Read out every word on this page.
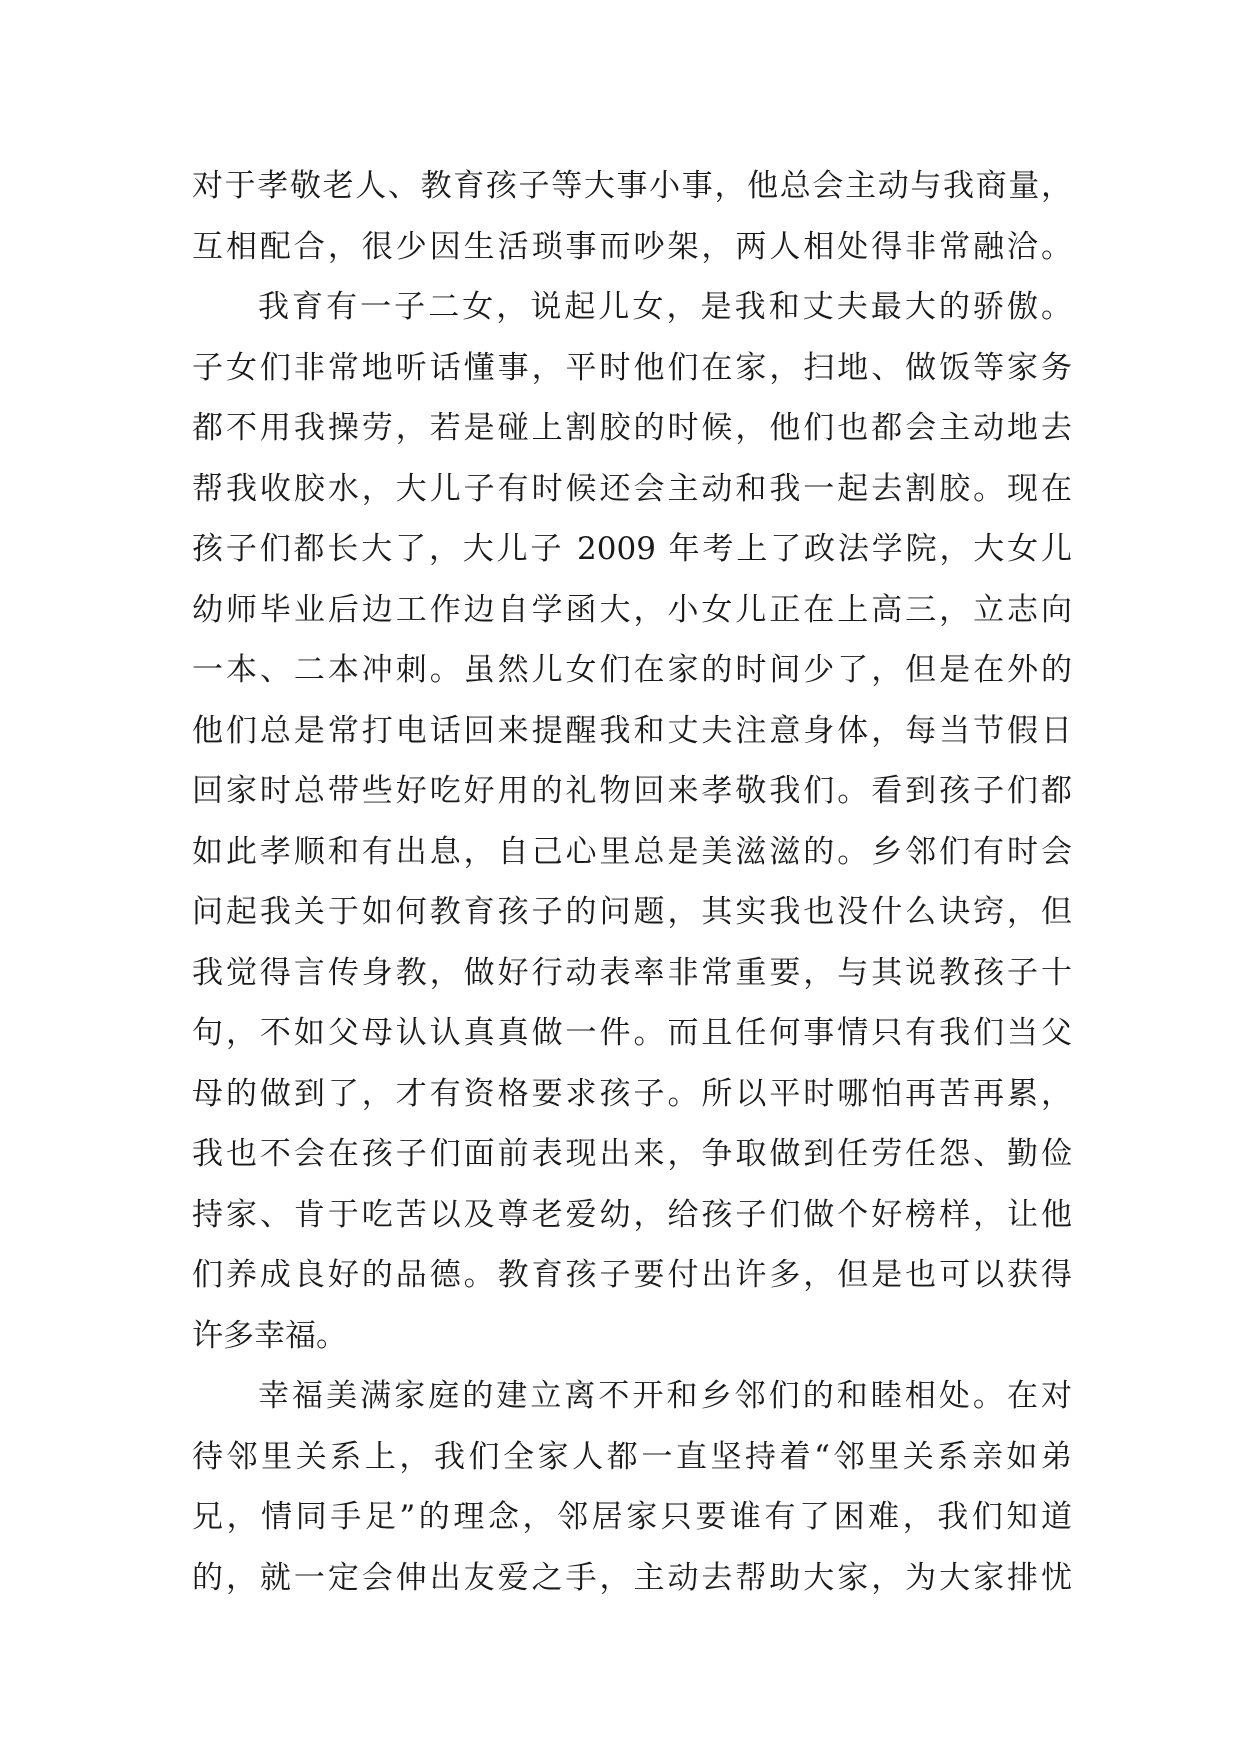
对于孝敬老人、教育孩子等大事小事，他总会主动与我商量，
互相配合，很少因生活琐事而吵架，两人相处得非常融洽。
我育有一子二女，说起儿女，是我和丈夫最大的骄傲。
子女们非常地听话懂事，平时他们在家，扫地、做饭等家务
都不用我操劳，若是碰上割胶的时候，他们也都会主动地去
帮我收胶水，大儿子有时候还会主动和我一起去割胶。现在
孩子们都长大了，大儿子 2009 年考上了政法学院，大女儿
幼师毕业后边工作边自学函大，小女儿正在上高三，立志向
一本、二本冲刺。虽然儿女们在家的时间少了，但是在外的
他们总是常打电话回来提醒我和丈夫注意身体，每当节假日
回家时总带些好吃好用的礼物回来孝敬我们。看到孩子们都
如此孝顺和有出息，自己心里总是美滋滋的。乡邻们有时会
问起我关于如何教育孩子的问题，其实我也没什么诀窍，但
我觉得言传身教，做好行动表率非常重要，与其说教孩子十
句，不如父母认认真真做一件。而且任何事情只有我们当父
母的做到了，才有资格要求孩子。所以平时哪怕再苦再累，
我也不会在孩子们面前表现出来，争取做到任劳任怨、勤俭
持家、肯于吃苦以及尊老爱幼，给孩子们做个好榜样，让他
们养成良好的品德。教育孩子要付出许多，但是也可以获得
许多幸福。
幸福美满家庭的建立离不开和乡邻们的和睦相处。在对
待邻里关系上，我们全家人都一直坚持着“邻里关系亲如弟
兄，情同手足”的理念，邻居家只要谁有了困难，我们知道
的，就一定会伸出友爱之手，主动去帮助大家，为大家排忧
